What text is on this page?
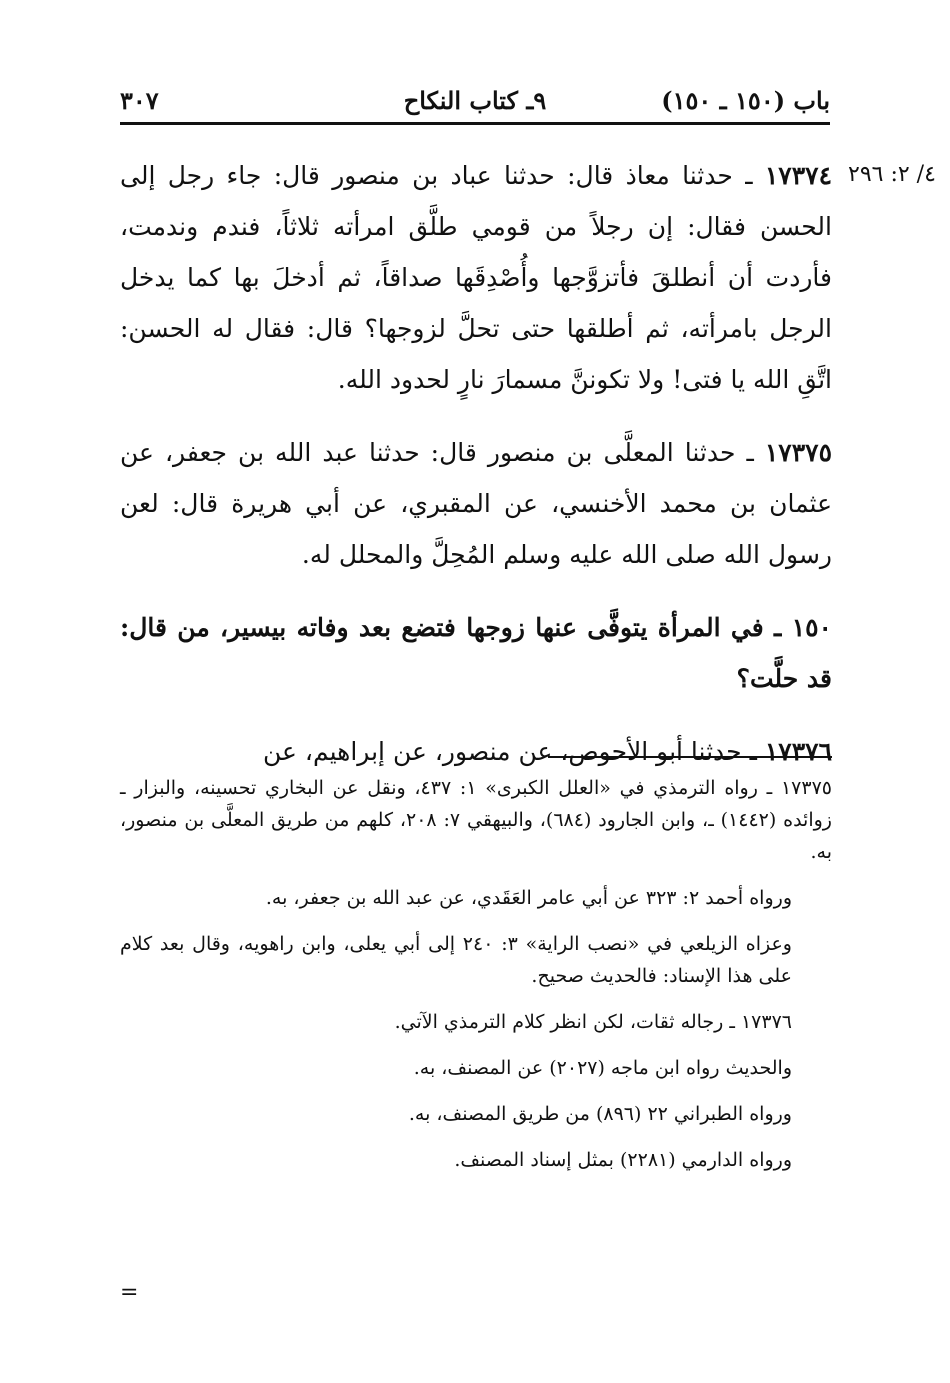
باب (١٥٠ ـ ١٥٠)
٩ـ كتاب النكاح
٣٠٧
٤/ ٢: ٢٩٦

١٧٣٧٤ ـ حدثنا معاذ قال: حدثنا عباد بن منصور قال: جاء رجل إلى الحسن فقال: إن رجلاً من قومي طلَّق امرأته ثلاثاً، فندم وندمت، فأردت أن أنطلقَ فأتزوَّجها وأُصْدِقَها صداقاً، ثم أدخلَ بها كما يدخل الرجل بامرأته، ثم أطلقها حتى تحلَّ لزوجها؟ قال: فقال له الحسن: اتَّقِ الله يا فتى! ولا تكوننَّ مسمارَ نارٍ لحدود الله.

١٧٣٧٥ ـ حدثنا المعلَّى بن منصور قال: حدثنا عبد الله بن جعفر، عن عثمان بن محمد الأخنسي، عن المقبري، عن أبي هريرة قال: لعن رسول الله صلى الله عليه وسلم المُحِلَّ والمحلل له.

١٥٠ ـ في المرأة يتوفَّى عنها زوجها فتضع بعد وفاته بيسير، من قال: قد حلَّت؟

١٧٣٧٦ ـ حدثنا أبو الأحوص، عن منصور، عن إبراهيم، عن

١٧٣٧٥ ـ رواه الترمذي في «العلل الكبرى» ١: ٤٣٧، ونقل عن البخاري تحسينه، والبزار ـ زوائده (١٤٤٢) ـ، وابن الجارود (٦٨٤)، والبيهقي ٧: ٢٠٨، كلهم من طريق المعلَّى بن منصور، به.

ورواه أحمد ٢: ٣٢٣ عن أبي عامر العَقَدي، عن عبد الله بن جعفر، به.

وعزاه الزيلعي في «نصب الراية» ٣: ٢٤٠ إلى أبي يعلى، وابن راهويه، وقال بعد كلام على هذا الإسناد: فالحديث صحيح.

١٧٣٧٦ ـ رجاله ثقات، لكن انظر كلام الترمذي الآتي.

والحديث رواه ابن ماجه (٢٠٢٧) عن المصنف، به.

ورواه الطبراني ٢٢ (٨٩٦) من طريق المصنف، به.

ورواه الدارمي (٢٢٨١) بمثل إسناد المصنف.

=
